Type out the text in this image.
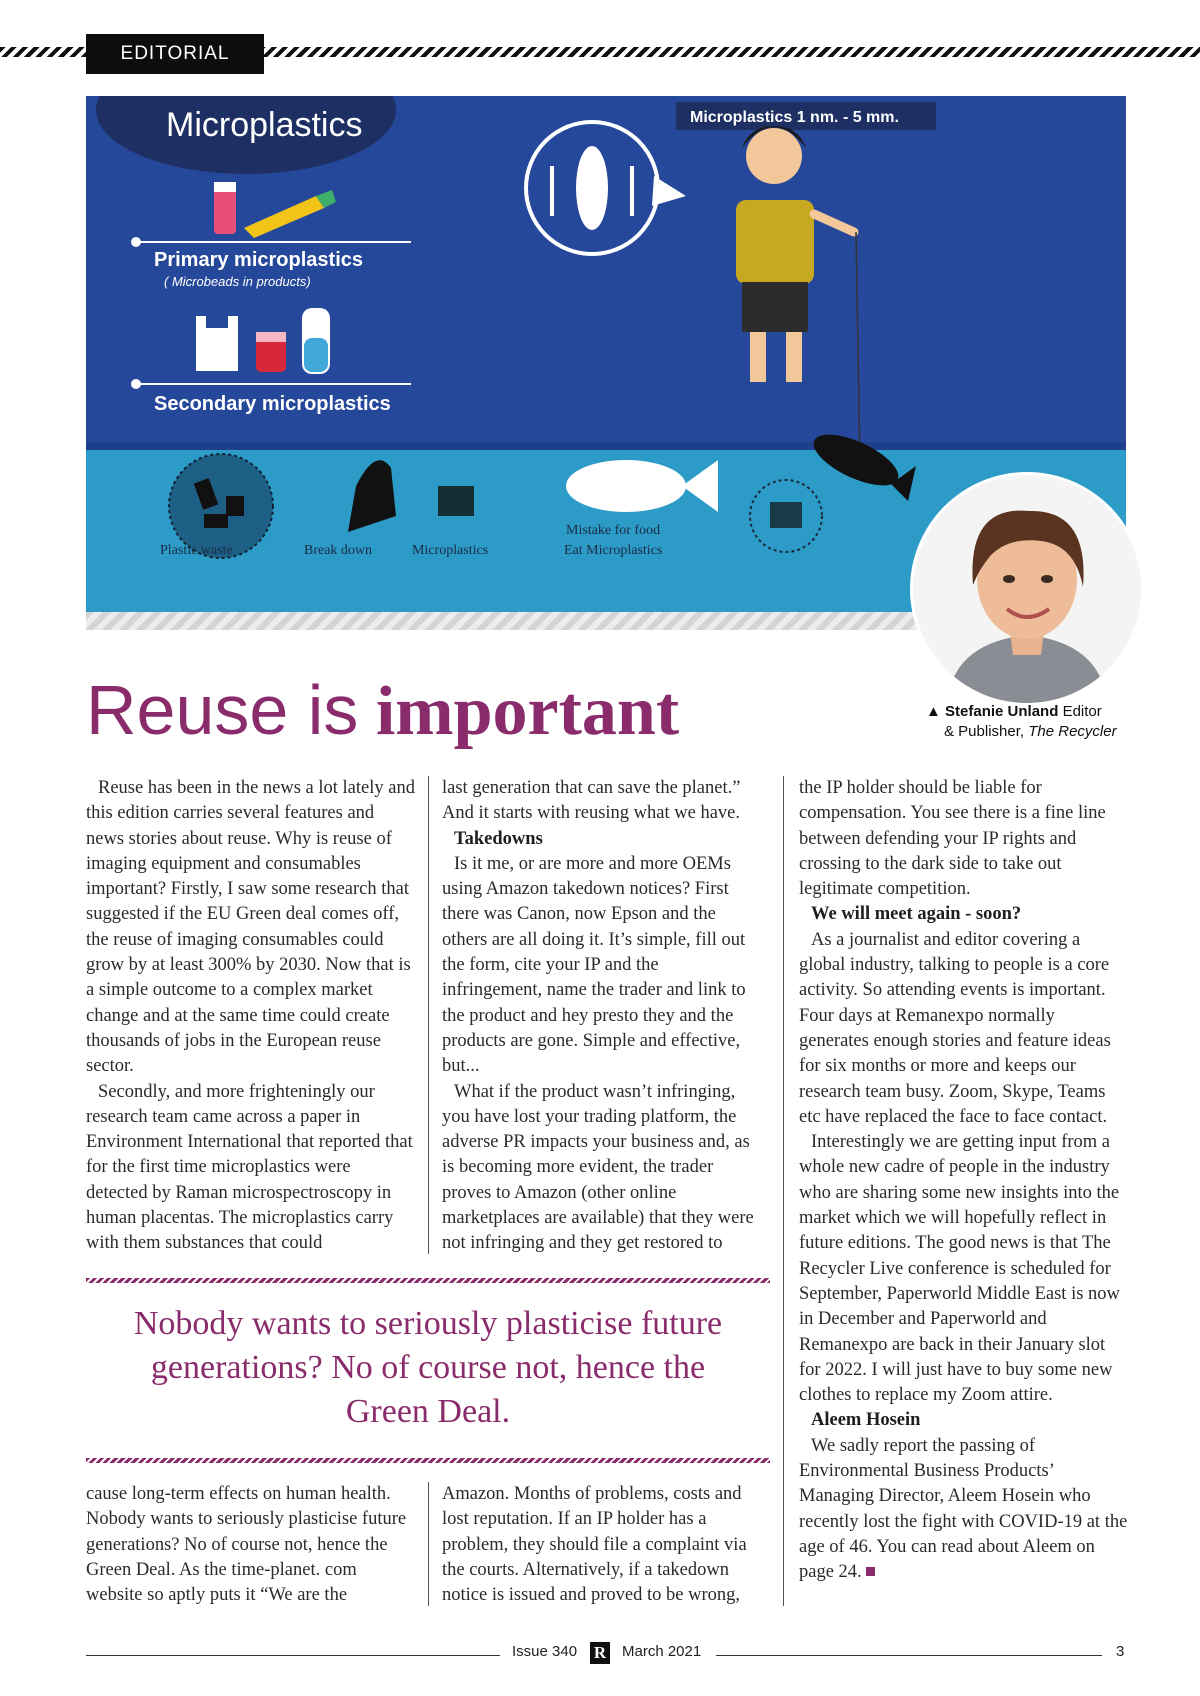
EDITORIAL
Microplastics	Microplastics 1 nm. - 5 mm.
Primary microplastics
( Microbeads in products)
Secondary microplastics
Plastic waste	Break down	Microplastics
Mistake for food
Eat Microplastics
▲ Stefanie Unland Editor
& Publisher, The Recycler
Reuse is important

Reuse has been in the news a lot lately and this edition carries several features and news stories about reuse. Why is reuse of imaging equipment and consumables important? Firstly, I saw some research that suggested if the EU Green deal comes off, the reuse of imaging consumables could grow by at least 300% by 2030. Now that is a simple outcome to a complex market change and at the same time could create thousands of jobs in the European reuse sector.

Secondly, and more frighteningly our research team came across a paper in Environment International that reported that for the first time microplastics were detected by Raman microspectroscopy in human placentas. The microplastics carry with them substances that could

last generation that can save the planet.” And it starts with reusing what we have.

Takedowns

Is it me, or are more and more OEMs using Amazon takedown notices? First there was Canon, now Epson and the others are all doing it. It’s simple, fill out the form, cite your IP and the infringement, name the trader and link to the product and hey presto they and the products are gone. Simple and effective, but...

What if the product wasn’t infringing, you have lost your trading platform, the adverse PR impacts your business and, as is becoming more evident, the trader proves to Amazon (other online marketplaces are available) that they were not infringing and they get restored to

the IP holder should be liable for compensation. You see there is a fine line between defending your IP rights and crossing to the dark side to take out legitimate competition.

We will meet again - soon?

As a journalist and editor covering a global industry, talking to people is a core activity. So attending events is important. Four days at Remanexpo normally generates enough stories and feature ideas for six months or more and keeps our research team busy. Zoom, Skype, Teams etc have replaced the face to face contact.

Interestingly we are getting input from a whole new cadre of people in the industry who are sharing some new insights into the market which we will hopefully reflect in future editions. The good news is that The Recycler Live conference is scheduled for September, Paperworld Middle East is now in December and Paperworld and Remanexpo are back in their January slot for 2022. I will just have to buy some new clothes to replace my Zoom attire.

Aleem Hosein

We sadly report the passing of Environmental Business Products’ Managing Director, Aleem Hosein who recently lost the fight with COVID-19 at the age of 46. You can read about Aleem on page 24.

Nobody wants to seriously plasticise future generations? No of course not, hence the Green Deal.

cause long-term effects on human health. Nobody wants to seriously plasticise future generations? No of course not, hence the Green Deal. As the time-planet. com website so aptly puts it “We are the

Amazon. Months of problems, costs and lost reputation. If an IP holder has a problem, they should file a complaint via the courts. Alternatively, if a takedown notice is issued and proved to be wrong,

Issue 340 R March 2021	3
